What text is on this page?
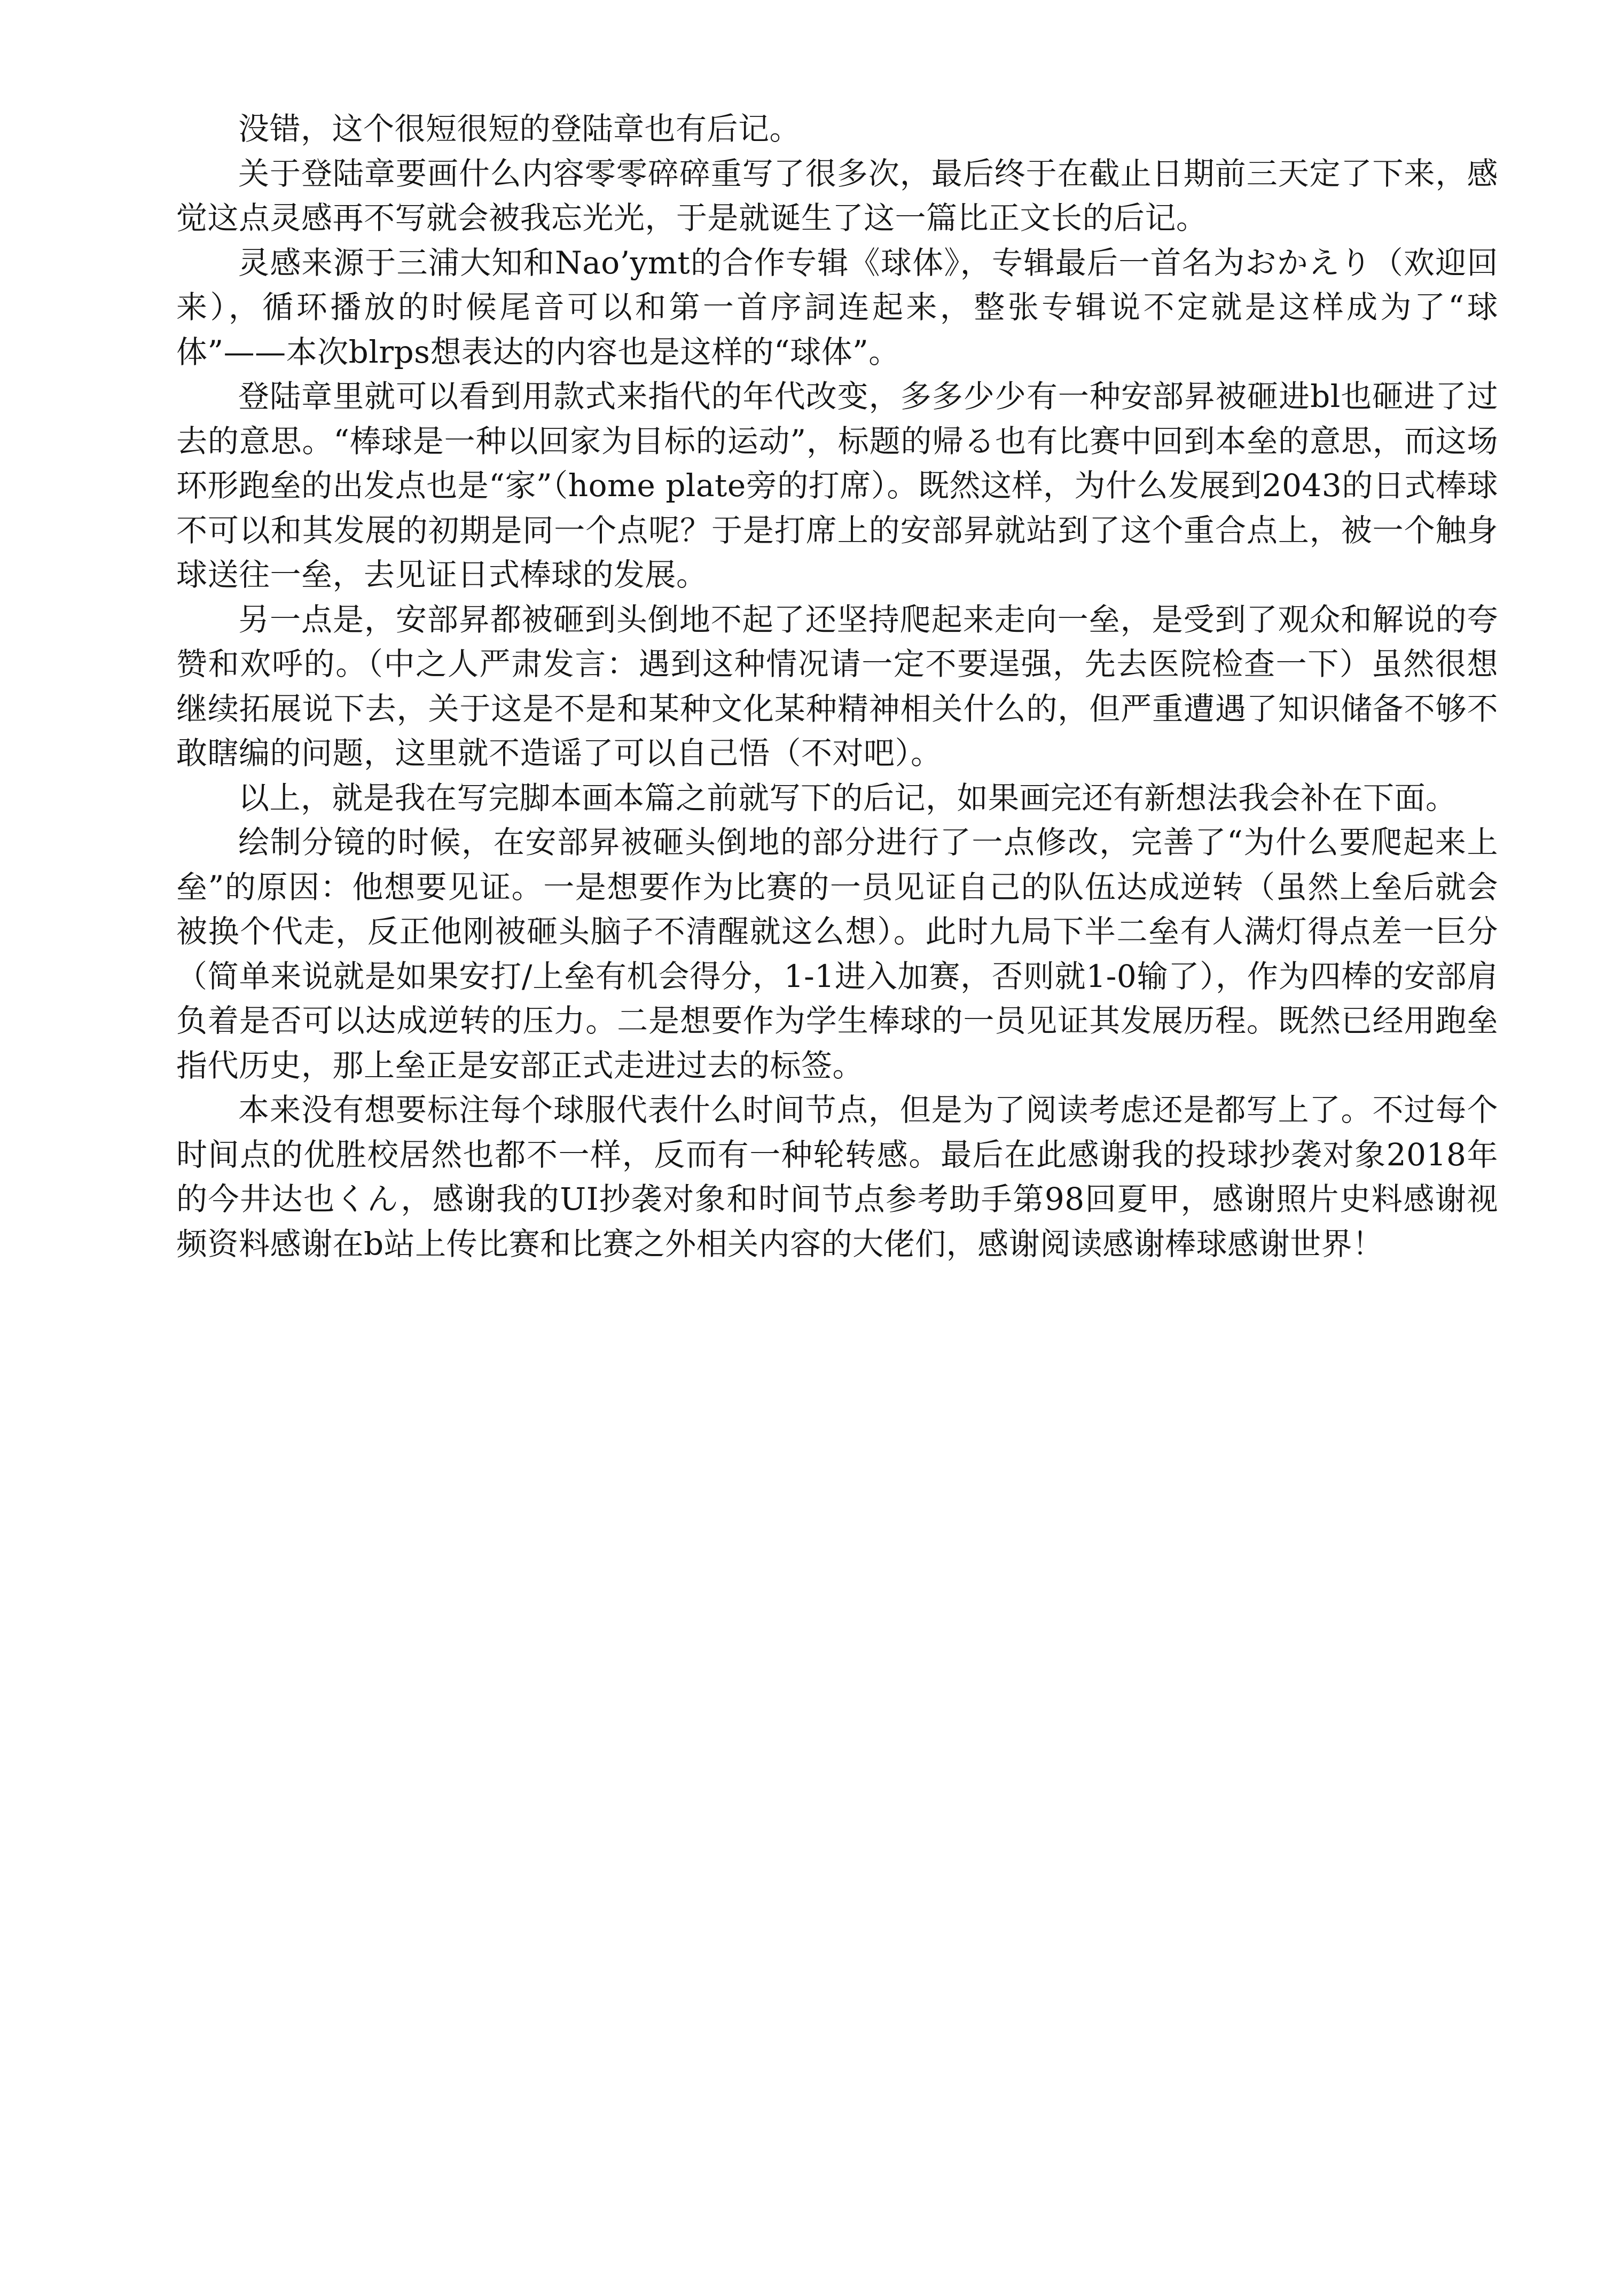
没错，这个很短很短的登陆章也有后记。

关于登陆章要画什么内容零零碎碎重写了很多次，最后终于在截止日期前三天定了下来，感觉这点灵感再不写就会被我忘光光，于是就诞生了这一篇比正文长的后记。

灵感来源于三浦大知和Nao’ymt的合作专辑《球体》，专辑最后一首名为おかえり（欢迎回来），循环播放的时候尾音可以和第一首序詞连起来，整张专辑说不定就是这样成为了“球体”——本次blrps想表达的内容也是这样的“球体”。

登陆章里就可以看到用款式来指代的年代改变，多多少少有一种安部昇被砸进bl也砸进了过去的意思。“棒球是一种以回家为目标的运动”，标题的帰る也有比赛中回到本垒的意思，而这场环形跑垒的出发点也是“家”（home plate旁的打席）。既然这样，为什么发展到2043的日式棒球不可以和其发展的初期是同一个点呢？于是打席上的安部昇就站到了这个重合点上，被一个触身球送往一垒，去见证日式棒球的发展。

另一点是，安部昇都被砸到头倒地不起了还坚持爬起来走向一垒，是受到了观众和解说的夸赞和欢呼的。（中之人严肃发言：遇到这种情况请一定不要逞强，先去医院检查一下）虽然很想继续拓展说下去，关于这是不是和某种文化某种精神相关什么的，但严重遭遇了知识储备不够不敢瞎编的问题，这里就不造谣了可以自己悟（不对吧）。

以上，就是我在写完脚本画本篇之前就写下的后记，如果画完还有新想法我会补在下面。

绘制分镜的时候，在安部昇被砸头倒地的部分进行了一点修改，完善了“为什么要爬起来上垒”的原因：他想要见证。一是想要作为比赛的一员见证自己的队伍达成逆转（虽然上垒后就会被换个代走，反正他刚被砸头脑子不清醒就这么想）。此时九局下半二垒有人满灯得点差一巨分（简单来说就是如果安打/上垒有机会得分，1-1进入加赛，否则就1-0输了），作为四棒的安部肩负着是否可以达成逆转的压力。二是想要作为学生棒球的一员见证其发展历程。既然已经用跑垒指代历史，那上垒正是安部正式走进过去的标签。

本来没有想要标注每个球服代表什么时间节点，但是为了阅读考虑还是都写上了。不过每个时间点的优胜校居然也都不一样，反而有一种轮转感。最后在此感谢我的投球抄袭对象2018年的今井达也くん，感谢我的UI抄袭对象和时间节点参考助手第98回夏甲，感谢照片史料感谢视频资料感谢在b站上传比赛和比赛之外相关内容的大佬们，感谢阅读感谢棒球感谢世界！
